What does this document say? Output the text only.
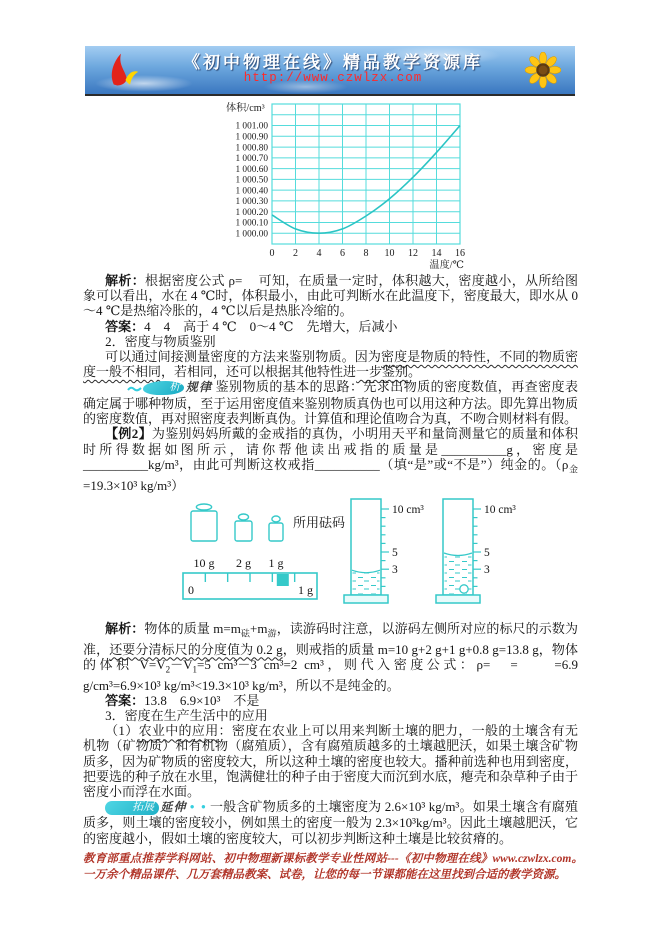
《初中物理在线》精品教学资源库
http://www.czwlzx.com
1 001.00
1 000.90
1 000.80
1 000.70
1 000.60
1 000.50
1 000.40
1 000.30
1 000.20
1 000.10
1 000.00
0 2 4 6 8 10 12 14 16
体积/cm³
温度/℃
解析：根据密度公式 ρ= 可知，在质量一定时，体积越大，密度越小，从所给图象可以看出，水在 4 ℃时，体积最小，由此可判断水在此温度下，密度最大，即水从 0～4 ℃是热缩冷胀的，4 ℃以后是热胀冷缩的。
答案：4　4　高于 4 ℃　0～4 ℃　先增大，后减小
2．密度与物质鉴别
可以通过间接测量密度的方法来鉴别物质。因为密度是物质的特性，不同的物质密度一般不相同，若相同，还可以根据其他特性进一步鉴别。
析 规律 鉴别物质的基本的思路：先求出物质的密度数值，再查密度表确定属于哪种物质，至于运用密度值来鉴别物质真伪也可以用这种方法。即先算出物质的密度数值，再对照密度表判断真伪。计算值和理论值吻合为真，不吻合则材料有假。
【例2】为鉴别妈妈所戴的金戒指的真伪，小明用天平和量筒测量它的质量和体积时所得数据如图所示，请你帮他读出戒指的质量是__________g，密度是__________kg/m³，由此可判断这枚戒指__________（填“是”或“不是”）纯金的。（$\rho_金=19.3\times 10^3$ kg/m³）
10 g 2 g 1 g
所用砝码
0	1 g
10 cm³
5
3
10 cm³
5
3
解析：物体的质量 $m=m_砝+m_游$，读游码时注意，以游码左侧所对应的标尺的示数为准，还要分清标尺的分度值为 0.2 g，则戒指的质量 m=10 g+2 g+1 g+0.8 g=13.8 g，物体的体积 $V=V_2-V_1=5$ cm³－3 cm³=2 cm³，则代入密度公式：ρ=　=　　=6.9 g/cm³=6.9×10³ kg/m³<19.3×10³ kg/m³，所以不是纯金的。
答案：13.8　6.9×10³　不是
3．密度在生产生活中的应用
（1）农业中的应用：密度在农业上可以用来判断土壤的肥力，一般的土壤含有无机物（矿物质）和有机物（腐殖质），含有腐殖质越多的土壤越肥沃，如果土壤含矿物质多，因为矿物质的密度较大，所以这种土壤的密度也较大。播种前选种也用到密度，把要选的种子放在水里，饱满健壮的种子由于密度大而沉到水底，瘪壳和杂草种子由于密度小而浮在水面。
拓展 延伸 ● ● 一般含矿物质多的土壤密度为 2.6×10³ kg/m³。如果土壤含有腐殖质多，则土壤的密度较小，例如黑土的密度一般为 2.3×10³kg/m³。因此土壤越肥沃，它的密度越小，假如土壤的密度较大，可以初步判断这种土壤是比较贫瘠的。
教育部重点推荐学科网站、初中物理新课标教学专业性网站---《初中物理在线》www.czwlzx.com。一万余个精品课件、几万套精品教案、试卷，让您的每一节课都能在这里找到合适的教学资源。
